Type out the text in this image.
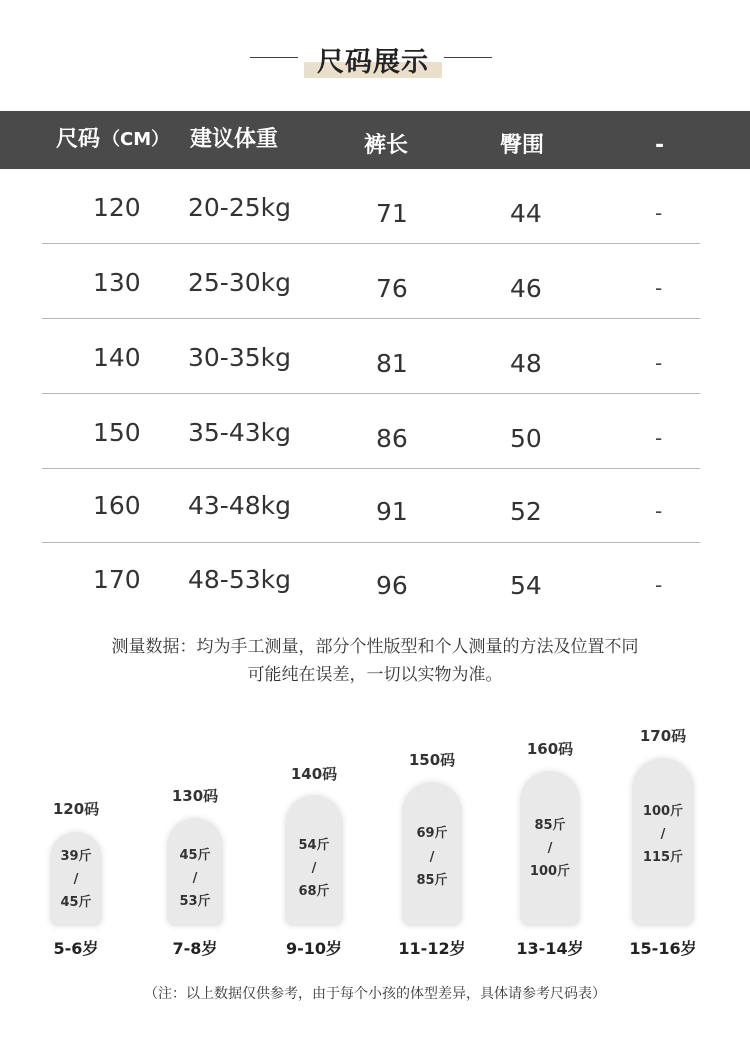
尺码展示
尺码 （CM） 建议体重	裤长	臀围	-
120 20-25kg	71	44	-
130 25-30kg	76	46	-
140 30-35kg	81	48	-
150 35-43kg	86	50	-
160 43-48kg	91	52	-
170 48-53kg	96	54	-
测量数据：均为手工测量，部分个性版型和个人测量的方法及位置不同
可能纯在误差，一切以实物为准。
120码
39斤
/
45斤
5-6岁
130码
45斤
/
53斤
7-8岁
140码
54斤
/
68斤
9-10岁
150码
69斤
/
85斤
11-12岁
160码
85斤
/
100斤
13-14岁
170码
100斤
/
115斤
15-16岁
（注：以上数据仅供参考，由于每个小孩的体型差异，具体请参考尺码表）
